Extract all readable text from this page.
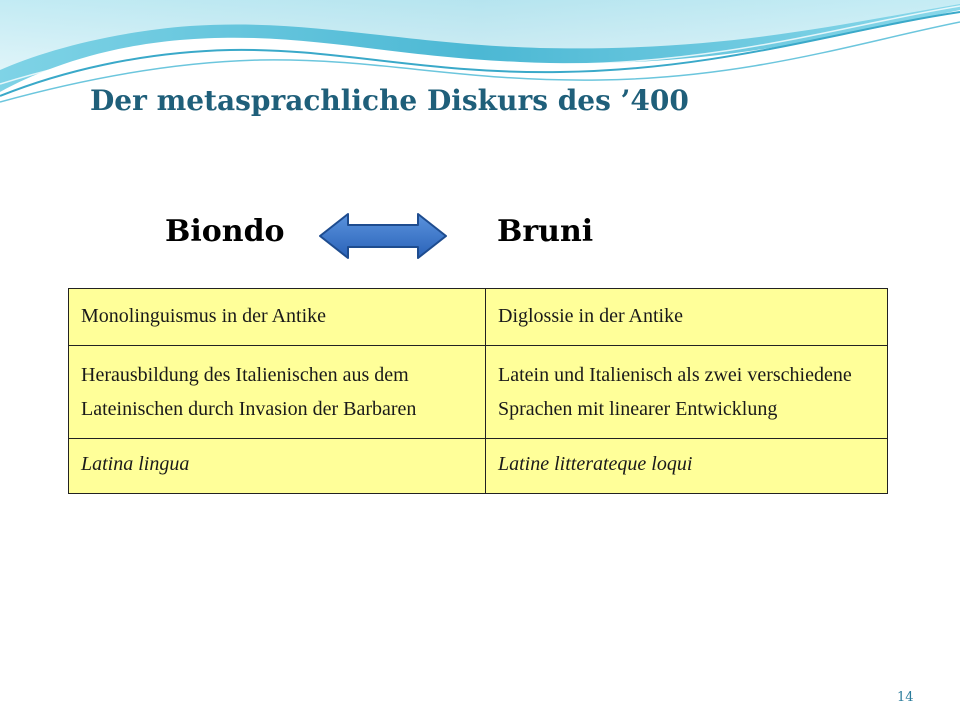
Der metasprachliche Diskurs des ’400
Biondo	Bruni
Monolinguismus in der Antike	Diglossie in der Antike
Herausbildung des Italienischen aus dem Lateinischen durch Invasion der Barbaren	Latein und Italienisch als zwei verschiedene Sprachen mit linearer Entwicklung
Latina lingua	Latine litterateque loqui
14
